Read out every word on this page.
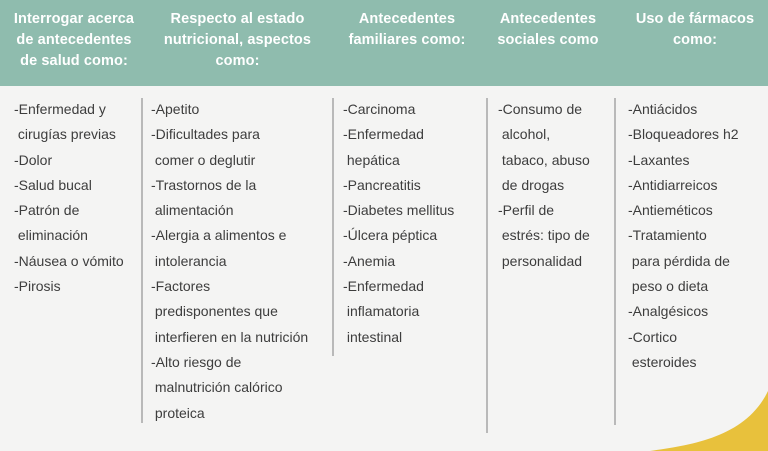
Interrogar acerca
de antecedentes
de salud como:
Respecto al estado
nutricional, aspectos
como:
Antecedentes
familiares como:
Antecedentes
sociales como
Uso de fármacos
como:
-Enfermedad y
cirugías previas
-Dolor
-Salud bucal
-Patrón de
eliminación
-Náusea o vómito
-Pirosis
-Apetito
-Dificultades para
comer o deglutir
-Trastornos de la
alimentación
-Alergia a alimentos e
intolerancia
-Factores
predisponentes que
interfieren en la nutrición
-Alto riesgo de
malnutrición calórico
proteica
-Carcinoma
-Enfermedad
hepática
-Pancreatitis
-Diabetes mellitus
-Úlcera péptica
-Anemia
-Enfermedad
inflamatoria
intestinal
-Consumo de
alcohol,
tabaco, abuso
de drogas
-Perfil de
estrés: tipo de
personalidad
-Antiácidos
-Bloqueadores h2
-Laxantes
-Antidiarreicos
-Antieméticos
-Tratamiento
para pérdida de
peso o dieta
-Analgésicos
-Cortico
esteroides
